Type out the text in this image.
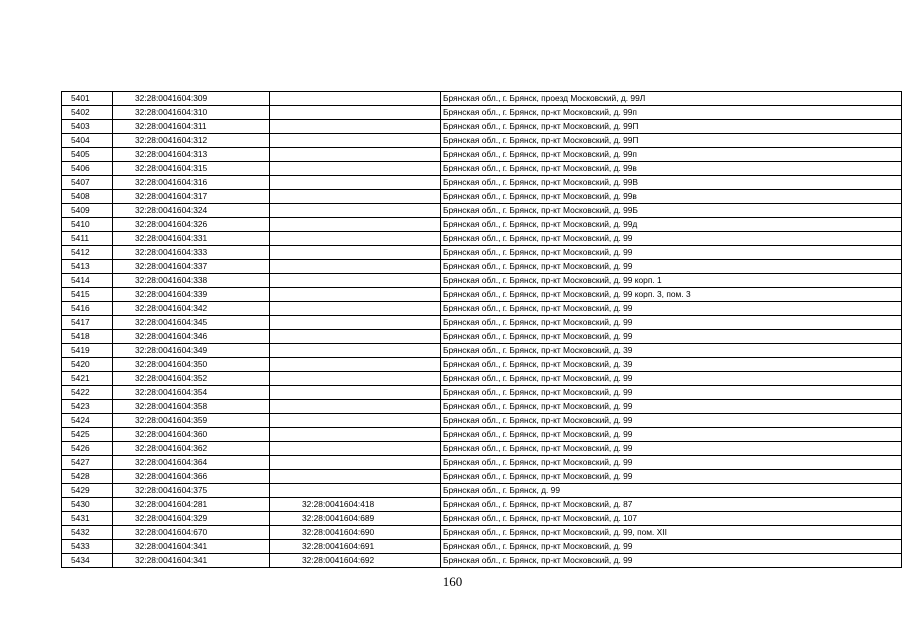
5401	32:28:0041604:309		Брянская обл., г. Брянск, проезд Московский, д. 99Л
5402	32:28:0041604:310		Брянская обл., г. Брянск, пр-кт Московский, д. 99п
5403	32:28:0041604:311		Брянская обл., г. Брянск, пр-кт Московский, д. 99П
5404	32:28:0041604:312		Брянская обл., г. Брянск, пр-кт Московский, д. 99П
5405	32:28:0041604:313		Брянская обл., г. Брянск, пр-кт Московский, д. 99п
5406	32:28:0041604:315		Брянская обл., г. Брянск, пр-кт Московский, д. 99в
5407	32:28:0041604:316		Брянская обл., г. Брянск, пр-кт Московский, д. 99В
5408	32:28:0041604:317		Брянская обл., г. Брянск, пр-кт Московский, д. 99в
5409	32:28:0041604:324		Брянская обл., г. Брянск, пр-кт Московский, д. 99Б
5410	32:28:0041604:326		Брянская обл., г. Брянск, пр-кт Московский, д. 99д
5411	32:28:0041604:331		Брянская обл., г. Брянск, пр-кт Московский, д. 99
5412	32:28:0041604:333		Брянская обл., г. Брянск, пр-кт Московский, д. 99
5413	32:28:0041604:337		Брянская обл., г. Брянск, пр-кт Московский, д. 99
5414	32:28:0041604:338		Брянская обл., г. Брянск, пр-кт Московский, д. 99 корп. 1
5415	32:28:0041604:339		Брянская обл., г. Брянск, пр-кт Московский, д. 99 корп. 3, пом. 3
5416	32:28:0041604:342		Брянская обл., г. Брянск, пр-кт Московский, д. 99
5417	32:28:0041604:345		Брянская обл., г. Брянск, пр-кт Московский, д. 99
5418	32:28:0041604:346		Брянская обл., г. Брянск, пр-кт Московский, д. 99
5419	32:28:0041604:349		Брянская обл., г. Брянск, пр-кт Московский, д. 39
5420	32:28:0041604:350		Брянская обл., г. Брянск, пр-кт Московский, д. 39
5421	32:28:0041604:352		Брянская обл., г. Брянск, пр-кт Московский, д. 99
5422	32:28:0041604:354		Брянская обл., г. Брянск, пр-кт Московский, д. 99
5423	32:28:0041604:358		Брянская обл., г. Брянск, пр-кт Московский, д. 99
5424	32:28:0041604:359		Брянская обл., г. Брянск, пр-кт Московский, д. 99
5425	32:28:0041604:360		Брянская обл., г. Брянск, пр-кт Московский, д. 99
5426	32:28:0041604:362		Брянская обл., г. Брянск, пр-кт Московский, д. 99
5427	32:28:0041604:364		Брянская обл., г. Брянск, пр-кт Московский, д. 99
5428	32:28:0041604:366		Брянская обл., г. Брянск, пр-кт Московский, д. 99
5429	32:28:0041604:375		Брянская обл., г. Брянск, д. 99
5430	32:28:0041604:281	32:28:0041604:418	Брянская обл., г. Брянск, пр-кт Московский, д. 87
5431	32:28:0041604:329	32:28:0041604:689	Брянская обл., г. Брянск, пр-кт Московский, д. 107
5432	32:28:0041604:670	32:28:0041604:690	Брянская обл., г. Брянск, пр-кт Московский, д. 99, пом. XII
5433	32:28:0041604:341	32:28:0041604:691	Брянская обл., г. Брянск, пр-кт Московский, д. 99
5434	32:28:0041604:341	32:28:0041604:692	Брянская обл., г. Брянск, пр-кт Московский, д. 99
160
